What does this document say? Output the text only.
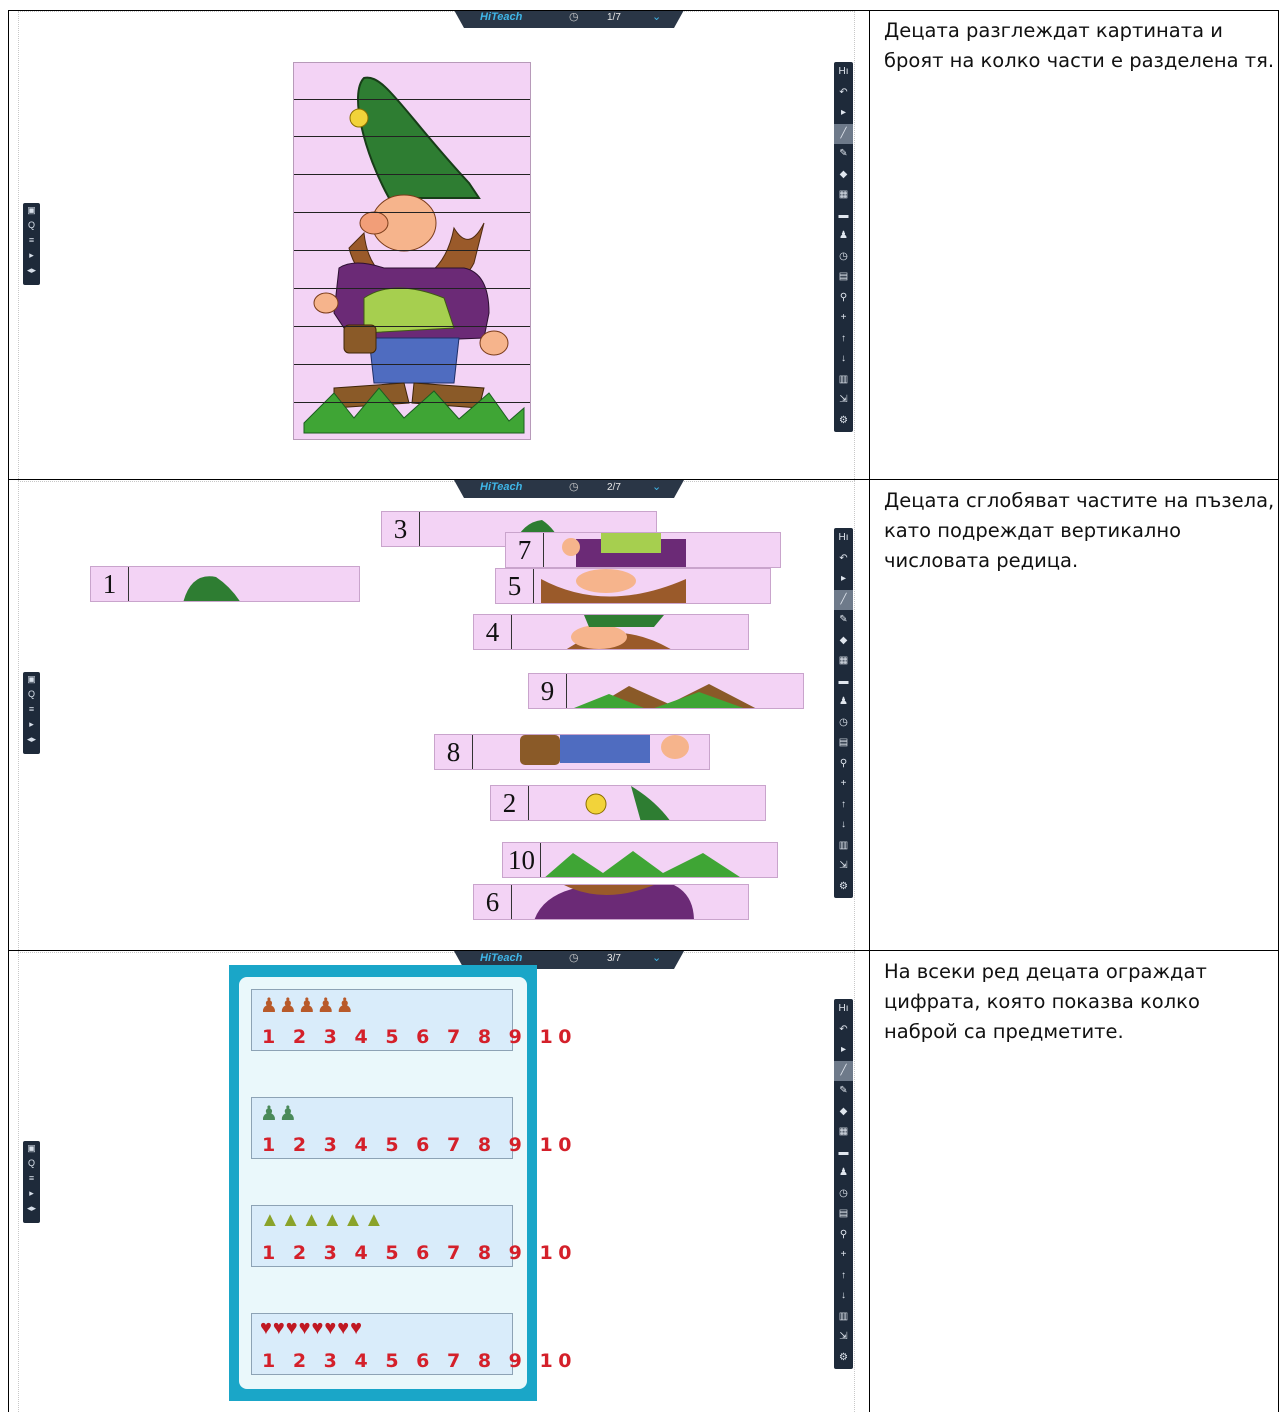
HiTeach	◷	1/7	⌄
▣
Q
≡
▸
◂▸
Hı
↶
▸
╱
✎
◆
▦
▬
♟
◷
▤
⚲
+
↑
↓
▥
⇲
⚙
Децата разглеждат картината и броят на колко части е разделена тя.
HiTeach	◷	2/7	⌄
▣
Q
≡
▸
◂▸
Hı
↶
▸
╱
✎
◆
▦
▬
♟
◷
▤
⚲
+
↑
↓
▥
⇲
⚙
1
3
7
5
4
9
8
2
10
6
Децата сглобяват частите на пъзела, като подреждат вертикално числовата редица.
HiTeach	◷	3/7	⌄
▣
Q
≡
▸
◂▸
Hı
↶
▸
╱
✎
◆
▦
▬
♟
◷
▤
⚲
+
↑
↓
▥
⇲
⚙
♟♟♟♟♟
1 2 3 4 5 6 7 8 9 10
♟♟
1 2 3 4 5 6 7 8 9 10
▲▲▲▲▲▲
1 2 3 4 5 6 7 8 9 10
♥♥♥♥♥♥♥♥
1 2 3 4 5 6 7 8 9 10
На всеки ред децата ограждат цифрата, която показва колко наброй са предметите.
